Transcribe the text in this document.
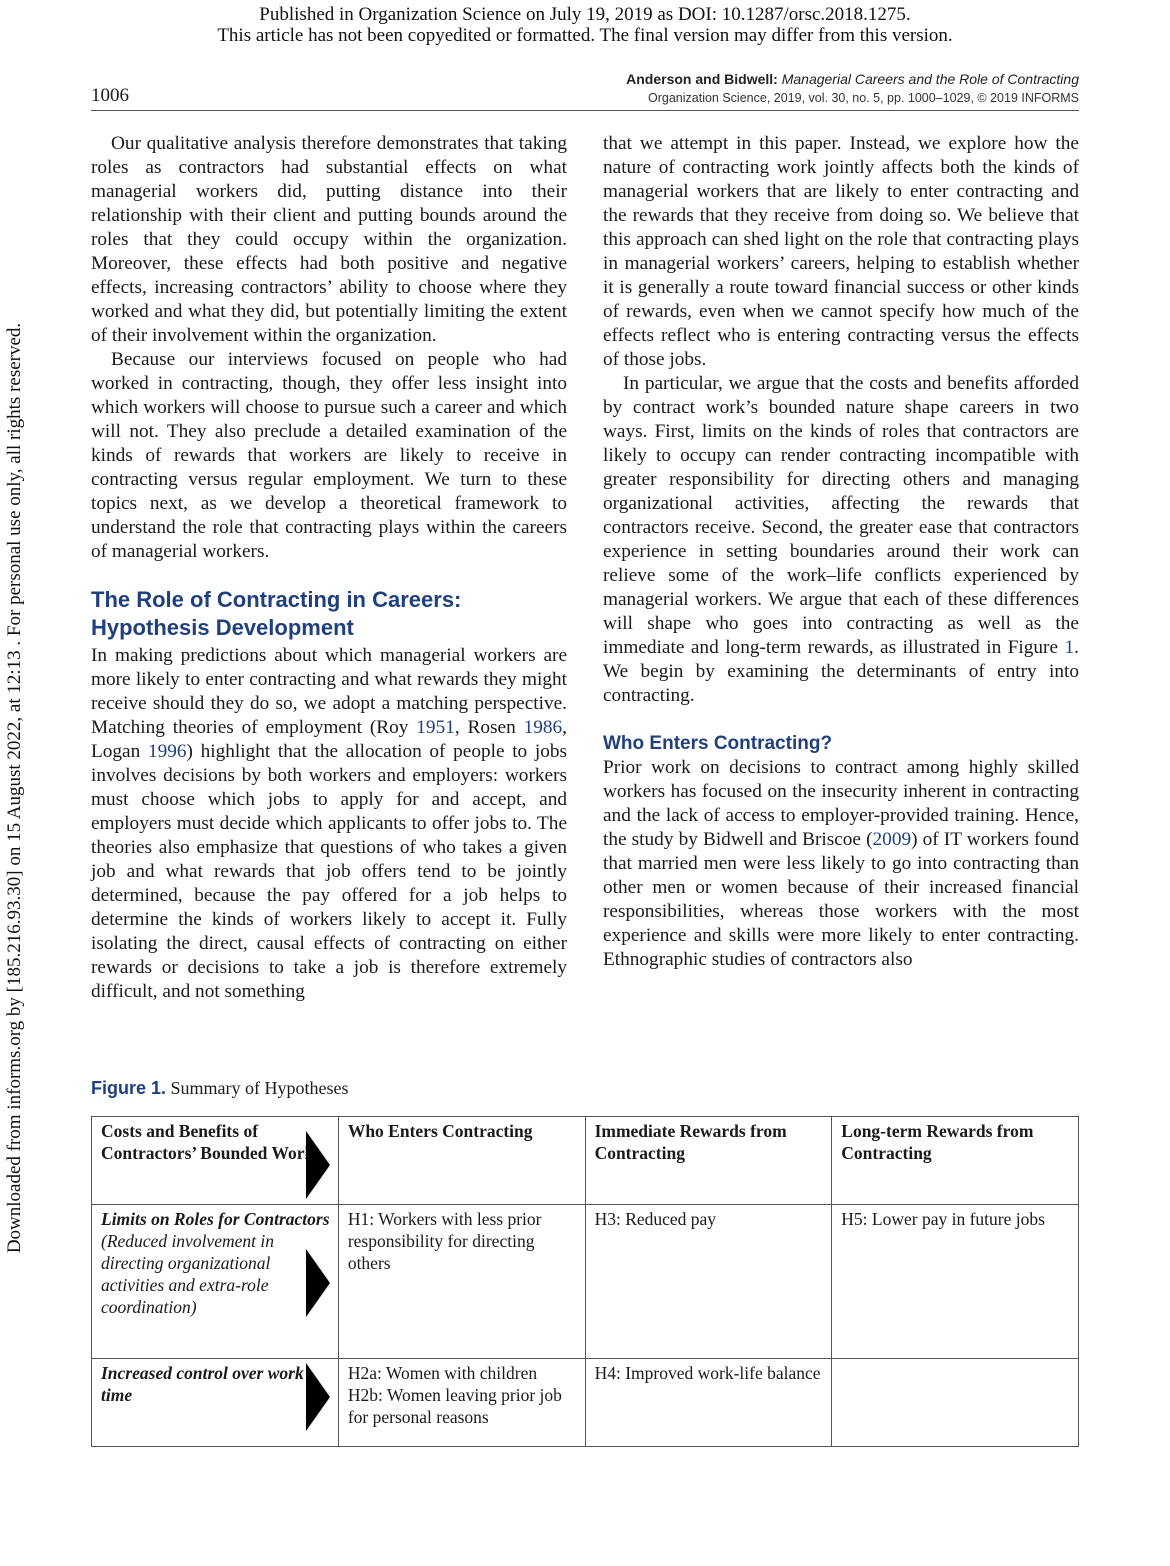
Published in Organization Science on July 19, 2019 as DOI: 10.1287/orsc.2018.1275.
This article has not been copyedited or formatted. The final version may differ from this version.
Downloaded from informs.org by [185.216.93.30] on 15 August 2022, at 12:13 . For personal use only, all rights reserved.
1006
Anderson and Bidwell: Managerial Careers and the Role of Contracting
Organization Science, 2019, vol. 30, no. 5, pp. 1000–1029, © 2019 INFORMS

Our qualitative analysis therefore demonstrates that taking roles as contractors had substantial effects on what managerial workers did, putting distance into their relationship with their client and putting bounds around the roles that they could occupy within the organization. Moreover, these effects had both positive and negative effects, increasing contractors’ ability to choose where they worked and what they did, but potentially limiting the extent of their involvement within the organization.

Because our interviews focused on people who had worked in contracting, though, they offer less insight into which workers will choose to pursue such a career and which will not. They also preclude a detailed examination of the kinds of rewards that workers are likely to receive in contracting versus regular employment. We turn to these topics next, as we develop a theoretical framework to understand the role that contracting plays within the careers of managerial workers.

The Role of Contracting in Careers:
Hypothesis Development

In making predictions about which managerial workers are more likely to enter contracting and what rewards they might receive should they do so, we adopt a matching perspective. Matching theories of employment (Roy 1951, Rosen 1986, Logan 1996) highlight that the allocation of people to jobs involves decisions by both workers and employers: workers must choose which jobs to apply for and accept, and employers must decide which applicants to offer jobs to. The theories also emphasize that questions of who takes a given job and what rewards that job offers tend to be jointly determined, because the pay offered for a job helps to determine the kinds of workers likely to accept it. Fully isolating the direct, causal effects of contracting on either rewards or decisions to take a job is therefore extremely difficult, and not something

that we attempt in this paper. Instead, we explore how the nature of contracting work jointly affects both the kinds of managerial workers that are likely to enter contracting and the rewards that they receive from doing so. We believe that this approach can shed light on the role that contracting plays in managerial workers’ careers, helping to establish whether it is generally a route toward financial success or other kinds of rewards, even when we cannot specify how much of the effects reflect who is entering contracting versus the effects of those jobs.

In particular, we argue that the costs and benefits afforded by contract work’s bounded nature shape careers in two ways. First, limits on the kinds of roles that contractors are likely to occupy can render contracting incompatible with greater responsibility for directing others and managing organizational activities, affecting the rewards that contractors receive. Second, the greater ease that contractors experience in setting boundaries around their work can relieve some of the work–life conflicts experienced by managerial workers. We argue that each of these differences will shape who goes into contracting as well as the immediate and long-term rewards, as illustrated in Figure 1. We begin by examining the determinants of entry into contracting.

Who Enters Contracting?

Prior work on decisions to contract among highly skilled workers has focused on the insecurity inherent in contracting and the lack of access to employer-provided training. Hence, the study by Bidwell and Briscoe (2009) of IT workers found that married men were less likely to go into contracting than other men or women because of their increased financial responsibilities, whereas those workers with the most experience and skills were more likely to enter contracting. Ethnographic studies of contractors also

Figure 1. Summary of Hypotheses
Costs and Benefits of Contractors’ Bounded Work	Who Enters Contracting	Immediate Rewards from Contracting	Long-term Rewards from Contracting

Limits on Roles for Contractors
(Reduced involvement in directing organizational activities and extra-role coordination)	H1: Workers with less prior responsibility for directing others	H3: Reduced pay	H5: Lower pay in future jobs

Increased control over work time	H2a: Women with children
H2b: Women leaving prior job for personal reasons	H4: Improved work-life balance	
